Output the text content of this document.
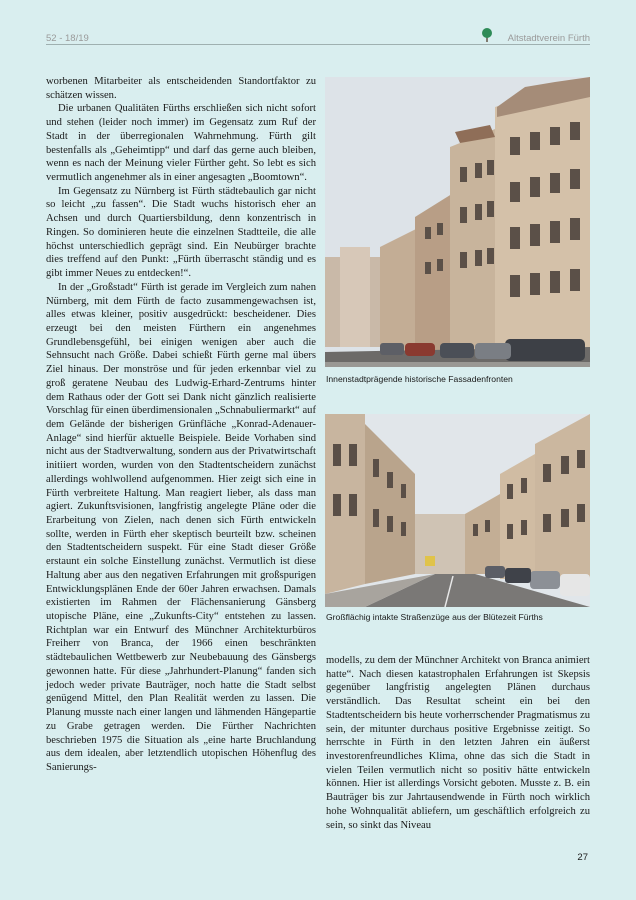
52 - 18/19	Altstadtverein Fürth

worbenen Mitarbeiter als entscheidenden Standortfaktor zu schätzen wissen.

Die urbanen Qualitäten Fürths erschließen sich nicht sofort und stehen (leider noch immer) im Gegensatz zum Ruf der Stadt in der überregionalen Wahrnehmung. Fürth gilt bestenfalls als „Geheimtipp“ und darf das gerne auch bleiben, wenn es nach der Meinung vieler Fürther geht. So lebt es sich vermutlich angenehmer als in einer angesagten „Boomtown“.

Im Gegensatz zu Nürnberg ist Fürth städtebaulich gar nicht so leicht „zu fassen“. Die Stadt wuchs historisch eher an Achsen und durch Quartiersbildung, denn konzentrisch in Ringen. So dominieren heute die einzelnen Stadtteile, die alle höchst unterschiedlich geprägt sind. Ein Neubürger brachte dies treffend auf den Punkt: „Fürth überrascht ständig und es gibt immer Neues zu entdecken!“.

In der „Großstadt“ Fürth ist gerade im Vergleich zum nahen Nürnberg, mit dem Fürth de facto zusammengewachsen ist, alles etwas kleiner, positiv ausgedrückt: bescheidener. Dies erzeugt bei den meisten Fürthern ein angenehmes Grundlebensgefühl, bei einigen wenigen aber auch die Sehnsucht nach Größe. Dabei schießt Fürth gerne mal übers Ziel hinaus. Der monströse und für jeden erkennbar viel zu groß geratene Neubau des Ludwig-Erhard-Zentrums hinter dem Rathaus oder der Gott sei Dank nicht gänzlich realisierte Vorschlag für einen überdimensionalen „Schnabuliermarkt“ auf dem Gelände der bisherigen Grünfläche „Konrad-Adenauer-Anlage“ sind hierfür aktuelle Beispiele. Beide Vorhaben sind nicht aus der Stadtverwaltung, sondern aus der Privatwirtschaft initiiert worden, wurden von den Stadtentscheidern zunächst allerdings wohlwollend aufgenommen. Hier zeigt sich eine in Fürth verbreitete Haltung. Man reagiert lieber, als dass man agiert. Zukunftsvisionen, langfristig angelegte Pläne oder die Erarbeitung von Zielen, nach denen sich Fürth entwickeln sollte, werden in Fürth eher skeptisch beurteilt bzw. scheinen den Stadtentscheidern suspekt. Für eine Stadt dieser Größe erstaunt ein solche Einstellung zunächst. Vermutlich ist diese Haltung aber aus den negativen Erfahrungen mit großspurigen Entwicklungsplänen Ende der 60er Jahren erwachsen. Damals existierten im Rahmen der Flächensanierung Gänsberg utopische Pläne, eine „Zukunfts-City“ entstehen zu lassen. Richtplan war ein Entwurf des Münchner Architekturbüros Freiherr von Branca, der 1966 einen beschränkten städtebaulichen Wettbewerb zur Neubebauung des Gänsbergs gewonnen hatte. Für diese „Jahrhundert-Planung“ fanden sich jedoch weder private Bauträger, noch hatte die Stadt selbst genügend Mittel, den Plan Realität werden zu lassen. Die Planung musste nach einer langen und lähmenden Hängepartie zu Grabe getragen werden. Die Fürther Nachrichten beschrieben 1975 die Situation als „eine harte Bruchlandung aus dem idealen, aber letztendlich utopischen Höhenflug des Sanierungs-

Innenstadtprägende historische Fassadenfronten
Großflächig intakte Straßenzüge aus der Blütezeit Fürths

modells, zu dem der Münchner Architekt von Branca animiert hatte“. Nach diesen katastrophalen Erfahrungen ist Skepsis gegenüber langfristig angelegten Plänen durchaus verständlich. Das Resultat scheint ein bei den Stadtentscheidern bis heute vorherrschender Pragmatismus zu sein, der mitunter durchaus positive Ergebnisse zeitigt. So herrschte in Fürth in den letzten Jahren ein äußerst investorenfreundliches Klima, ohne das sich die Stadt in vielen Teilen vermutlich nicht so positiv hätte entwickeln können. Hier ist allerdings Vorsicht geboten. Musste z. B. ein Bauträger bis zur Jahrtausendwende in Fürth noch wirklich hohe Wohnqualität abliefern, um geschäftlich erfolgreich zu sein, so sinkt das Niveau

27
